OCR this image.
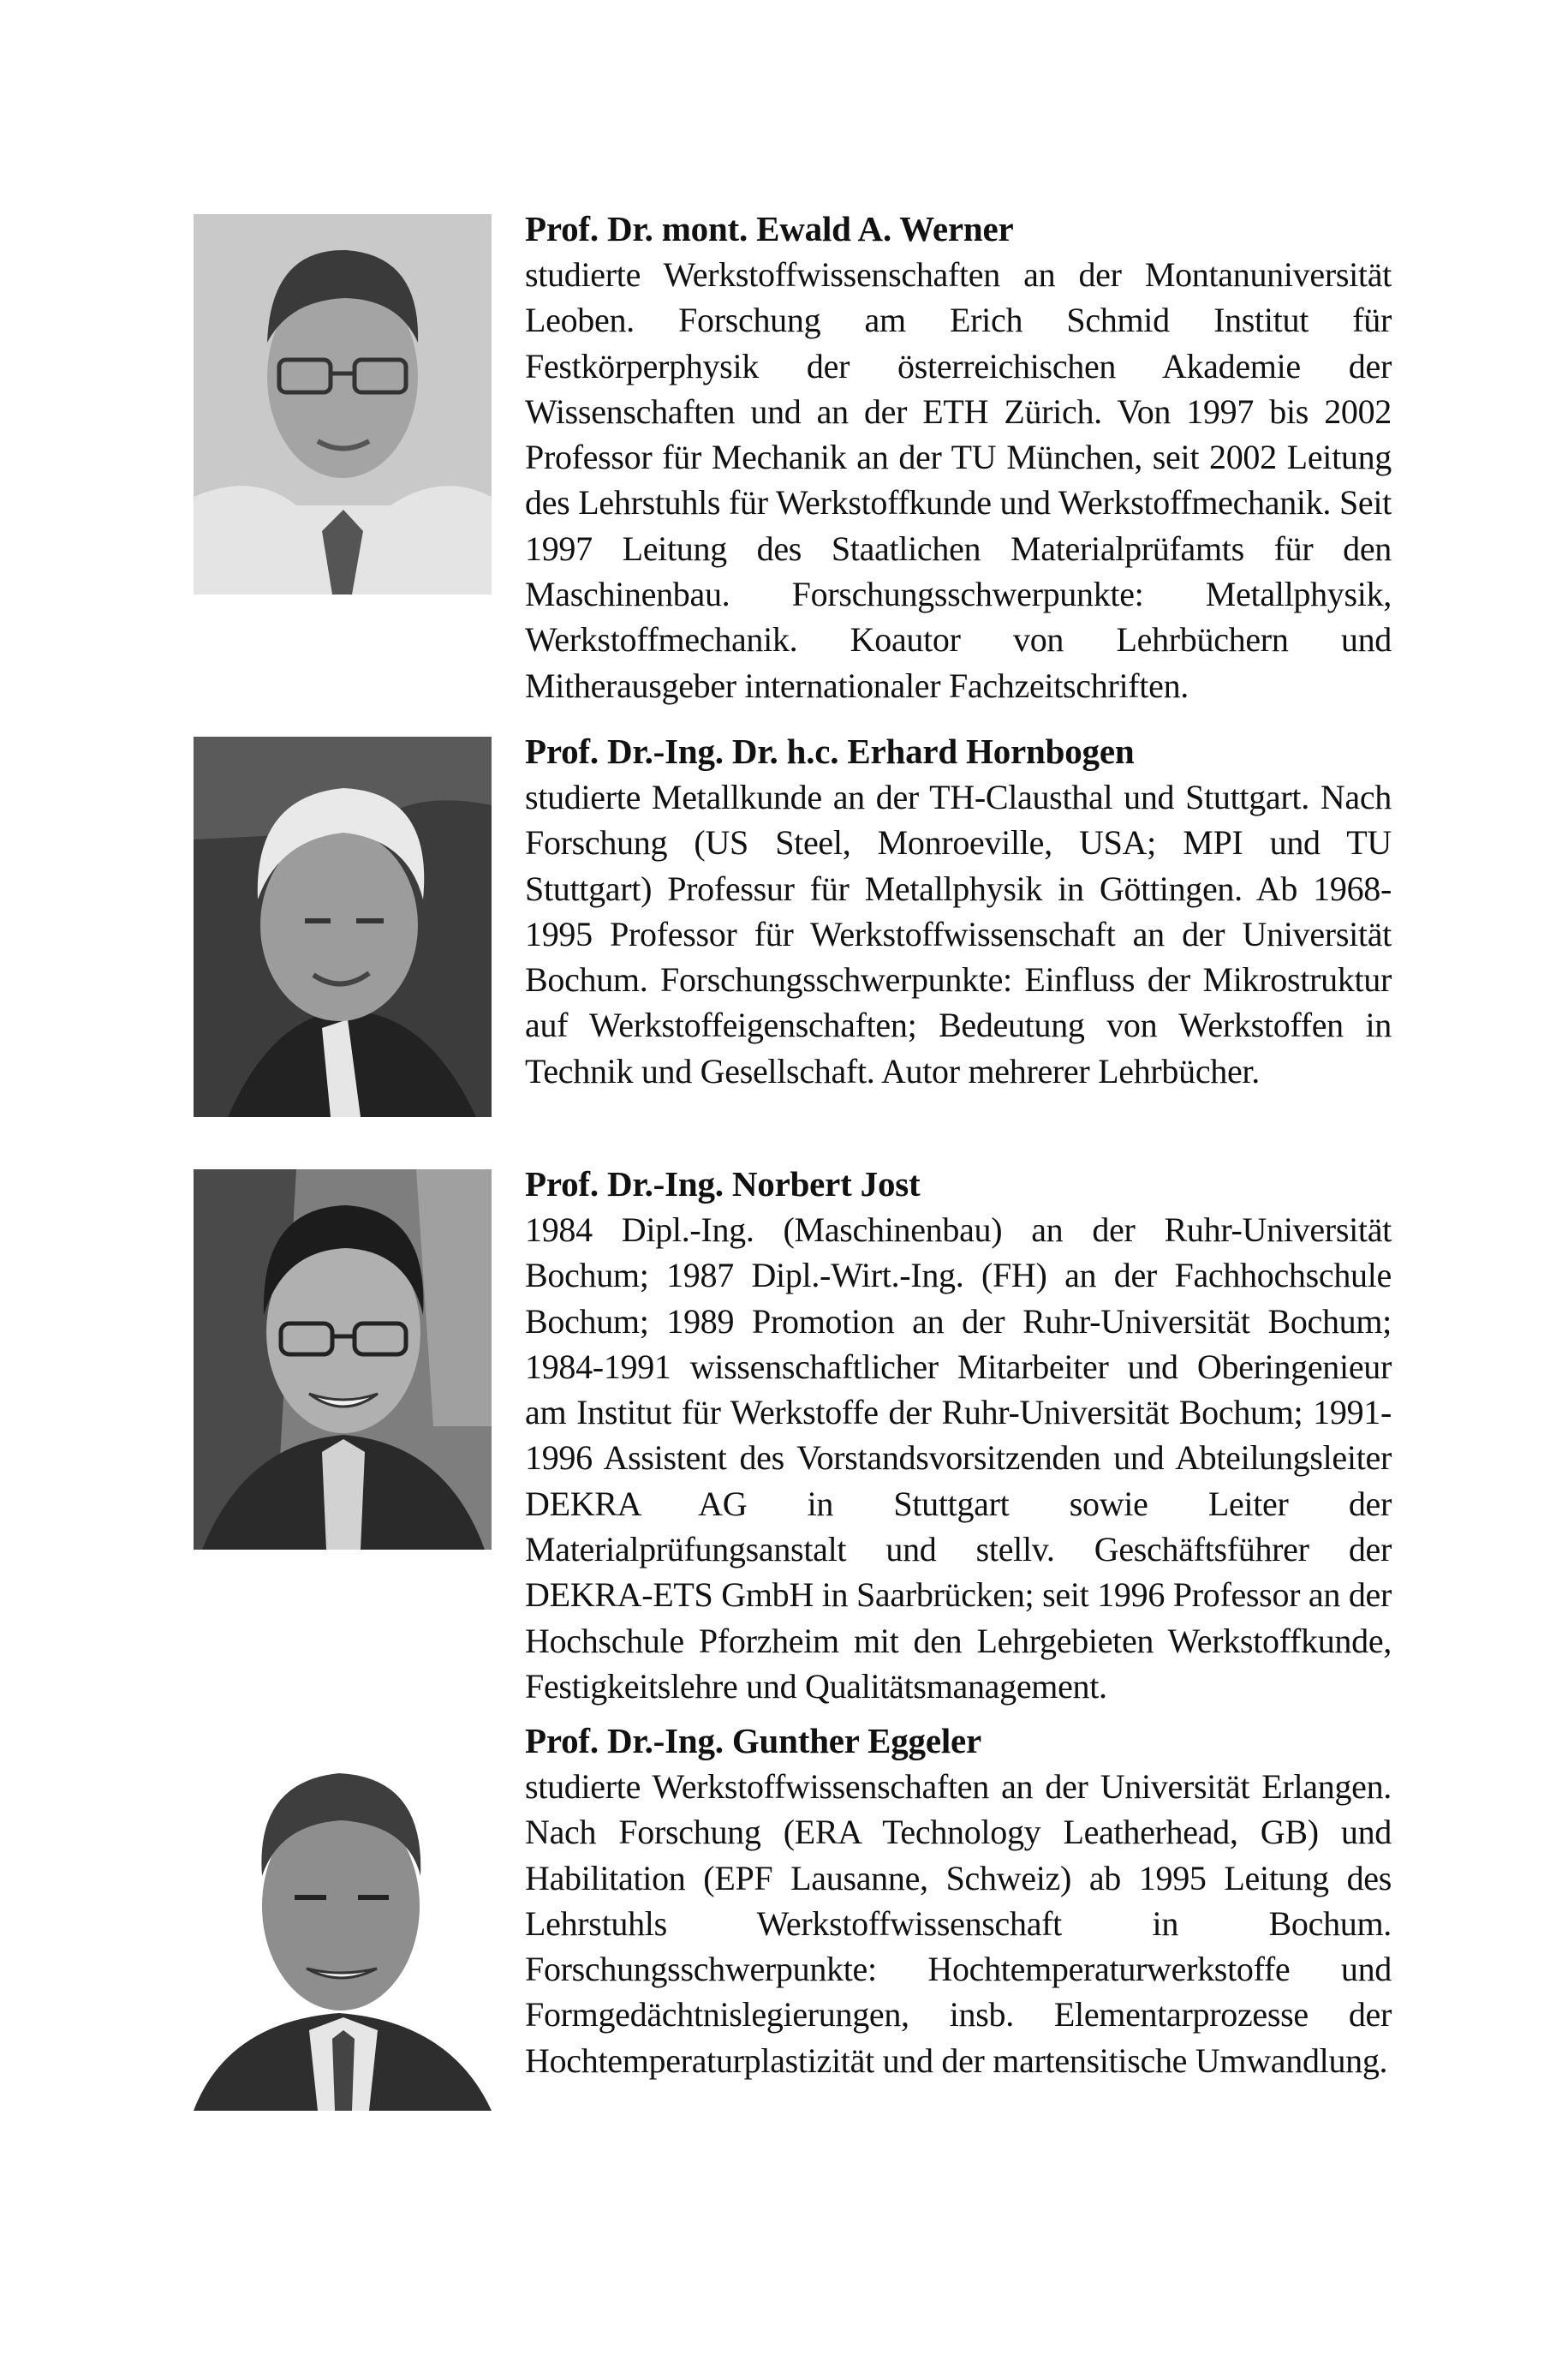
Prof. Dr. mont. Ewald A. Werner

studierte Werkstoffwissenschaften an der Montanuniversität Leoben. Forschung am Erich Schmid Institut für Festkörperphysik der österreichischen Akademie der Wissenschaften und an der ETH Zürich. Von 1997 bis 2002 Professor für Mechanik an der TU München, seit 2002 Leitung des Lehrstuhls für Werkstoffkunde und Werkstoffmechanik. Seit 1997 Leitung des Staatlichen Materialprüfamts für den Maschinenbau. Forschungsschwerpunkte: Metallphysik, Werkstoffmechanik. Koautor von Lehrbüchern und Mitherausgeber internationaler Fachzeitschriften.

Prof. Dr.-Ing. Dr. h.c. Erhard Hornbogen

studierte Metallkunde an der TH-Clausthal und Stuttgart. Nach Forschung (US Steel, Monroeville, USA; MPI und TU Stuttgart) Professur für Metallphysik in Göttingen. Ab 1968-1995 Professor für Werkstoffwissenschaft an der Universität Bochum. Forschungsschwerpunkte: Einfluss der Mikrostruktur auf Werkstoffeigenschaften; Bedeutung von Werkstoffen in Technik und Gesellschaft. Autor mehrerer Lehrbücher.

Prof. Dr.-Ing. Norbert Jost

1984 Dipl.-Ing. (Maschinenbau) an der Ruhr-Universität Bochum; 1987 Dipl.-Wirt.-Ing. (FH) an der Fachhochschule Bochum; 1989 Promotion an der Ruhr-Universität Bochum; 1984-1991 wissenschaftlicher Mitarbeiter und Oberingenieur am Institut für Werkstoffe der Ruhr-Universität Bochum; 1991-1996 Assistent des Vorstandsvorsitzenden und Abteilungsleiter DEKRA AG in Stuttgart sowie Leiter der Materialprüfungsanstalt und stellv. Geschäftsführer der DEKRA-ETS GmbH in Saarbrücken; seit 1996 Professor an der Hochschule Pforzheim mit den Lehrgebieten Werkstoffkunde, Festigkeitslehre und Qualitätsmanagement.

Prof. Dr.-Ing. Gunther Eggeler

studierte Werkstoffwissenschaften an der Universität Erlangen. Nach Forschung (ERA Technology Leatherhead, GB) und Habilitation (EPF Lausanne, Schweiz) ab 1995 Leitung des Lehrstuhls Werkstoffwissenschaft in Bochum. Forschungsschwerpunkte: Hochtemperaturwerkstoffe und Formgedächtnislegierungen, insb. Elementarprozesse der Hochtemperaturplastizität und der martensitische Umwandlung.
